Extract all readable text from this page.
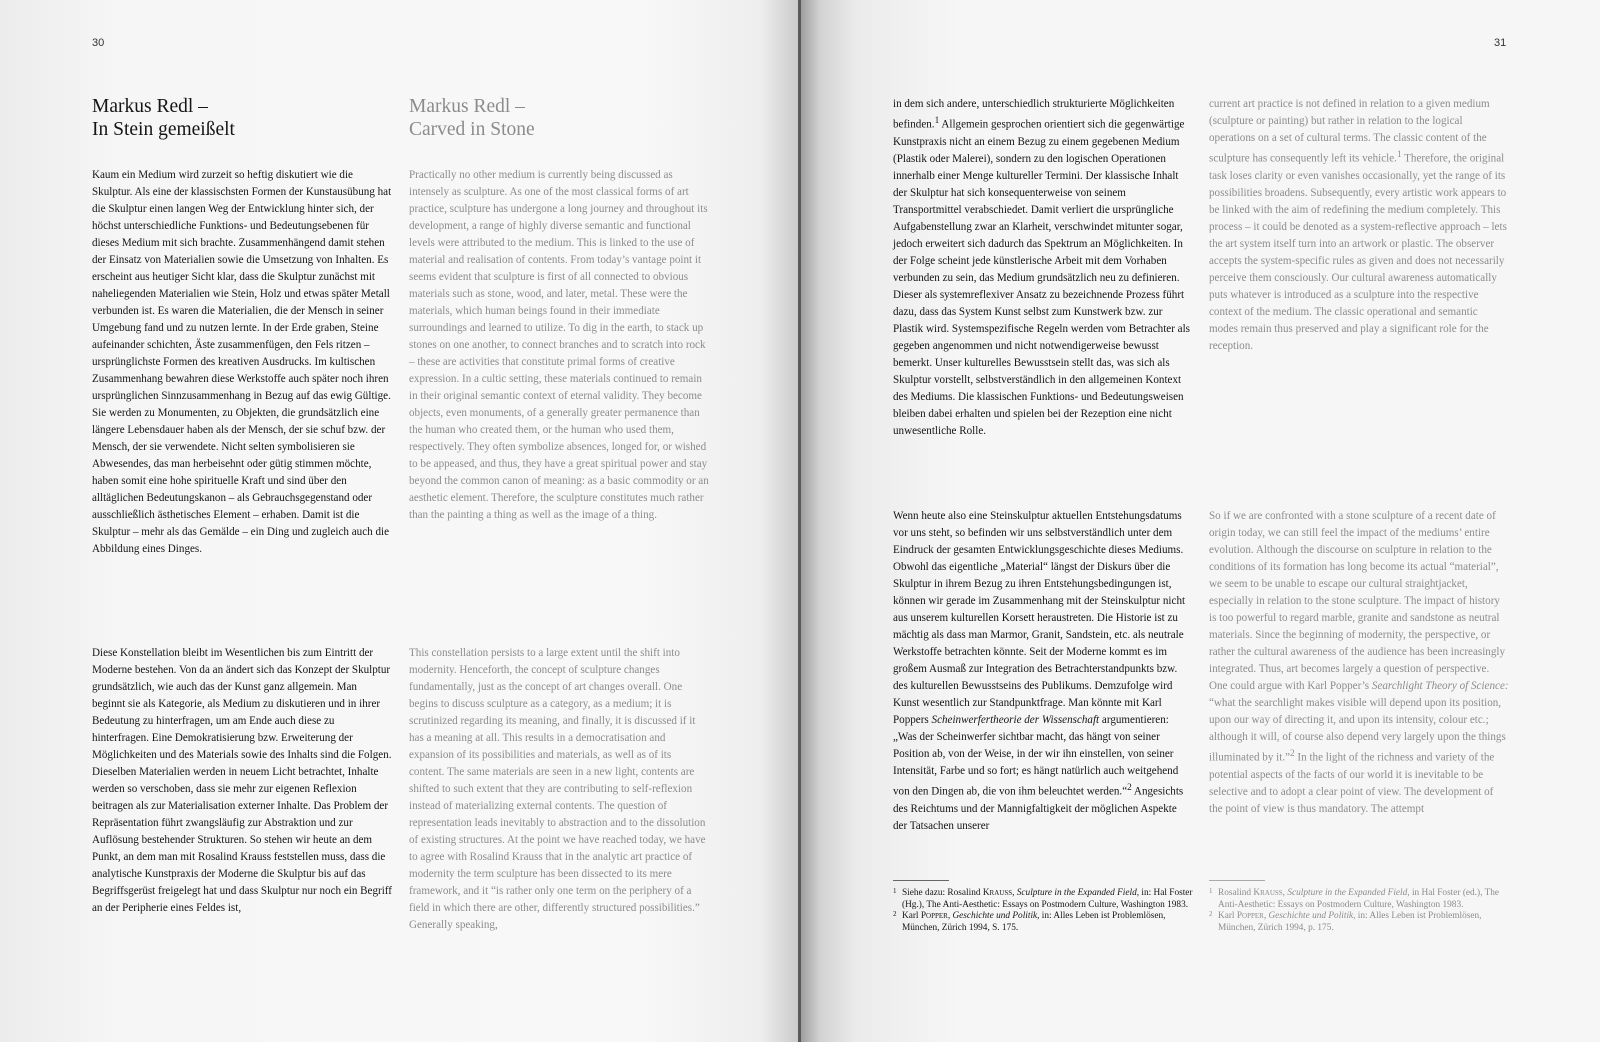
30
Markus Redl –
In Stein gemeißelt
Markus Redl –
Carved in Stone

Kaum ein Medium wird zurzeit so heftig diskutiert wie die Skulptur. Als eine der klassischsten Formen der Kunstausübung hat die Skulptur einen langen Weg der Entwicklung hinter sich, der höchst unterschiedliche Funktions- und Bedeutungsebenen für dieses Medium mit sich brachte. Zusammenhängend damit stehen der Einsatz von Materialien sowie die Umsetzung von Inhalten. Es erscheint aus heutiger Sicht klar, dass die Skulptur zunächst mit naheliegenden Materialien wie Stein, Holz und etwas später Metall verbunden ist. Es waren die Materialien, die der Mensch in seiner Umgebung fand und zu nutzen lernte. In der Erde graben, Steine aufeinander schichten, Äste zusammenfügen, den Fels ritzen – ursprünglichste Formen des kreativen Ausdrucks. Im kultischen Zusammenhang bewahren diese Werkstoffe auch später noch ihren ursprünglichen Sinnzusammenhang in Bezug auf das ewig Gültige. Sie werden zu Monumenten, zu Objekten, die grundsätzlich eine längere Lebensdauer haben als der Mensch, der sie schuf bzw. der Mensch, der sie verwendete. Nicht selten symbolisieren sie Abwesendes, das man herbeisehnt oder gütig stimmen möchte, haben somit eine hohe spirituelle Kraft und sind über den alltäglichen Bedeutungskanon – als Gebrauchsgegenstand oder ausschließlich ästhetisches Element – erhaben. Damit ist die Skulptur – mehr als das Gemälde – ein Ding und zugleich auch die Abbildung eines Dinges.

Practically no other medium is currently being discussed as intensely as sculpture. As one of the most classical forms of art practice, sculpture has undergone a long journey and throughout its development, a range of highly diverse semantic and functional levels were attributed to the medium. This is linked to the use of material and realisation of contents. From today’s vantage point it seems evident that sculpture is first of all connected to obvious materials such as stone, wood, and later, metal. These were the materials, which human beings found in their immediate surroundings and learned to utilize. To dig in the earth, to stack up stones on one another, to connect branches and to scratch into rock – these are activities that constitute primal forms of creative expression. In a cultic setting, these materials continued to remain in their original semantic context of eternal validity. They become objects, even monuments, of a generally greater permanence than the human who created them, or the human who used them, respectively. They often symbolize absences, longed for, or wished to be appeased, and thus, they have a great spiritual power and stay beyond the common canon of meaning: as a basic commodity or an aesthetic element. Therefore, the sculpture constitutes much rather than the painting a thing as well as the image of a thing.

Diese Konstellation bleibt im Wesentlichen bis zum Eintritt der Moderne bestehen. Von da an ändert sich das Konzept der Skulptur grundsätzlich, wie auch das der Kunst ganz allgemein. Man beginnt sie als Kategorie, als Medium zu diskutieren und in ihrer Bedeutung zu hinterfragen, um am Ende auch diese zu hinterfragen. Eine Demokratisierung bzw. Erweiterung der Möglichkeiten und des Materials sowie des Inhalts sind die Folgen. Dieselben Materialien werden in neuem Licht betrachtet, Inhalte werden so verschoben, dass sie mehr zur eigenen Reflexion beitragen als zur Materialisation externer Inhalte. Das Problem der Repräsentation führt zwangsläufig zur Abstraktion und zur Auflösung bestehender Strukturen. So stehen wir heute an dem Punkt, an dem man mit Rosalind Krauss feststellen muss, dass die analytische Kunstpraxis der Moderne die Skulptur bis auf das Begriffsgerüst freigelegt hat und dass Skulptur nur noch ein Begriff an der Peripherie eines Feldes ist,

This constellation persists to a large extent until the shift into modernity. Henceforth, the concept of sculpture changes fundamentally, just as the concept of art changes overall. One begins to discuss sculpture as a category, as a medium; it is scrutinized regarding its meaning, and finally, it is discussed if it has a meaning at all. This results in a democratisation and expansion of its possibilities and materials, as well as of its content. The same materials are seen in a new light, contents are shifted to such extent that they are contributing to self-reflexion instead of materializing external contents. The question of representation leads inevitably to abstraction and to the dissolution of existing structures. At the point we have reached today, we have to agree with Rosalind Krauss that in the analytic art practice of modernity the term sculpture has been dissected to its mere framework, and it “is rather only one term on the periphery of a field in which there are other, differently structured possibilities.” Generally speaking,

31

in dem sich andere, unterschiedlich strukturierte Möglichkeiten befinden.$^1$ Allgemein gesprochen orientiert sich die gegenwärtige Kunstpraxis nicht an einem Bezug zu einem gegebenen Medium (Plastik oder Malerei), sondern zu den logischen Operationen innerhalb einer Menge kultureller Termini. Der klassische Inhalt der Skulptur hat sich konsequenterweise von seinem Transportmittel verabschiedet. Damit verliert die ursprüngliche Aufgabenstellung zwar an Klarheit, verschwindet mitunter sogar, jedoch erweitert sich dadurch das Spektrum an Möglichkeiten. In der Folge scheint jede künstlerische Arbeit mit dem Vorhaben verbunden zu sein, das Medium grundsätzlich neu zu definieren. Dieser als systemreflexiver Ansatz zu bezeichnende Prozess führt dazu, dass das System Kunst selbst zum Kunstwerk bzw. zur Plastik wird. Systemspezifische Regeln werden vom Betrachter als gegeben angenommen und nicht notwendigerweise bewusst bemerkt. Unser kulturelles Bewusstsein stellt das, was sich als Skulptur vorstellt, selbstverständlich in den allgemeinen Kontext des Mediums. Die klassischen Funktions- und Bedeutungsweisen bleiben dabei erhalten und spielen bei der Rezeption eine nicht unwesentliche Rolle.

current art practice is not defined in relation to a given medium (sculpture or painting) but rather in relation to the logical operations on a set of cultural terms. The classic content of the sculpture has consequently left its vehicle.$^1$ Therefore, the original task loses clarity or even vanishes occasionally, yet the range of its possibilities broadens. Subsequently, every artistic work appears to be linked with the aim of redefining the medium completely. This process – it could be denoted as a system-reflective approach – lets the art system itself turn into an artwork or plastic. The observer accepts the system-specific rules as given and does not necessarily perceive them consciously. Our cultural awareness automatically puts whatever is introduced as a sculpture into the respective context of the medium. The classic operational and semantic modes remain thus preserved and play a significant role for the reception.

Wenn heute also eine Steinskulptur aktuellen Entstehungsdatums vor uns steht, so befinden wir uns selbstverständlich unter dem Eindruck der gesamten Entwicklungsgeschichte dieses Mediums. Obwohl das eigentliche „Material“ längst der Diskurs über die Skulptur in ihrem Bezug zu ihren Entstehungsbedingungen ist, können wir gerade im Zusammenhang mit der Steinskulptur nicht aus unserem kulturellen Korsett heraustreten. Die Historie ist zu mächtig als dass man Marmor, Granit, Sandstein, etc. als neutrale Werkstoffe betrachten könnte. Seit der Moderne kommt es im großem Ausmaß zur Integration des Betrachterstandpunkts bzw. des kulturellen Bewusstseins des Publikums. Demzufolge wird Kunst wesentlich zur Standpunktfrage. Man könnte mit Karl Poppers Scheinwerfertheorie der Wissenschaft argumentieren: „Was der Scheinwerfer sichtbar macht, das hängt von seiner Position ab, von der Weise, in der wir ihn einstellen, von seiner Intensität, Farbe und so fort; es hängt natürlich auch weitgehend von den Dingen ab, die von ihm beleuchtet werden.“$^2$ Angesichts des Reichtums und der Mannigfaltigkeit der möglichen Aspekte der Tatsachen unserer

So if we are confronted with a stone sculpture of a recent date of origin today, we can still feel the impact of the mediums’ entire evolution. Although the discourse on sculpture in relation to the conditions of its formation has long become its actual “material”, we seem to be unable to escape our cultural straightjacket, especially in relation to the stone sculpture. The impact of history is too powerful to regard marble, granite and sandstone as neutral materials. Since the beginning of modernity, the perspective, or rather the cultural awareness of the audience has been increasingly integrated. Thus, art becomes largely a question of perspective. One could argue with Karl Popper’s Searchlight Theory of Science: “what the searchlight makes visible will depend upon its position, upon our way of directing it, and upon its intensity, colour etc.; although it will, of course also depend very largely upon the things illuminated by it.”$^2$ In the light of the richness and variety of the potential aspects of the facts of our world it is inevitable to be selective and to adopt a clear point of view. The development of the point of view is thus mandatory. The attempt

1 Siehe dazu: Rosalind Krauss, Sculpture in the Expanded Field, in: Hal Foster (Hg.), The Anti-Aesthetic: Essays on Postmodern Culture, Washington 1983.

2 Karl Popper, Geschichte und Politik, in: Alles Leben ist Problemlösen, München, Zürich 1994, S. 175.

1 Rosalind Krauss, Sculpture in the Expanded Field, in Hal Foster (ed.), The Anti-Aesthetic: Essays on Postmodern Culture, Washington 1983.

2 Karl Popper, Geschichte und Politik, in: Alles Leben ist Problemlösen, München, Zürich 1994, p. 175.
